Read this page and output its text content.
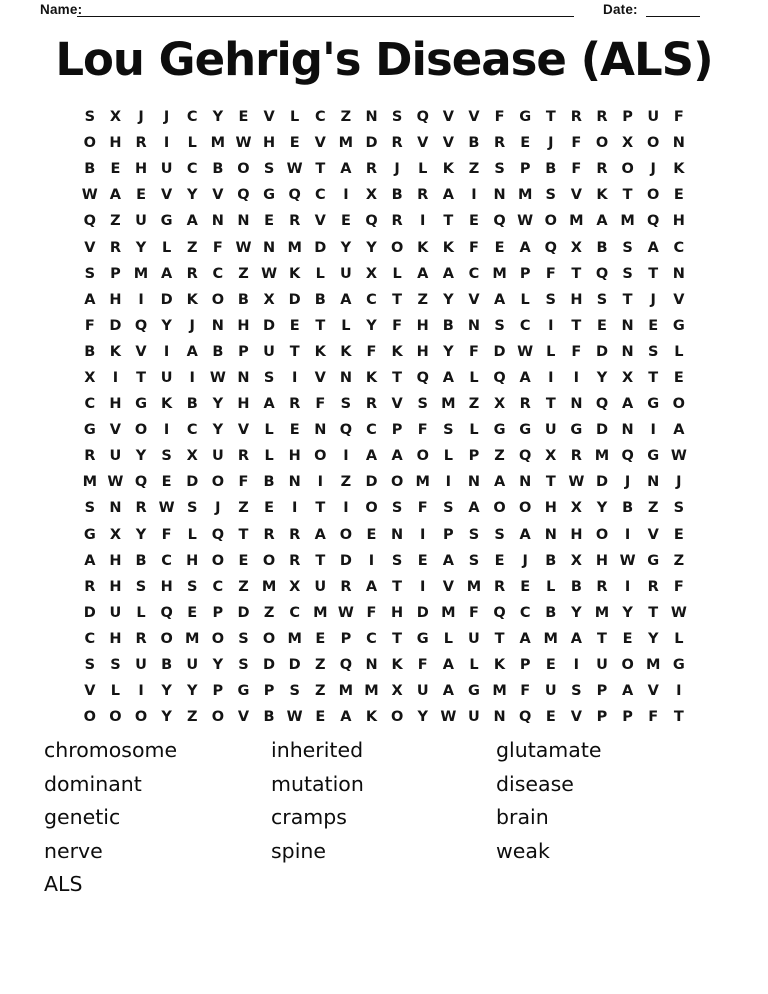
Name:	Date:
Lou Gehrig's Disease (ALS)
S	X	J	J	C	Y	E	V	L	C	Z N S Q V V	F	G	T	R R	P U	F
O H R	I	L M W H	E	V M D R V V B	R	E	J	F	O X O N
B	E	H U C	B O S W T	A R	J	L	K	Z	S	P	B	F	R O	J	K
W A	E	V	Y	V Q G Q C	I	X B	R A	I	N M S	V K	T	O E
Q Z U G A N N	E	R V	E	Q R	I	T	E	Q W O M A M Q H
V R	Y	L	Z	F W N M D Y	Y O K K	F	E	A Q X B	S	A	C
S	P M A R	C	Z W K	L	U X	L	A A	C M P	F	T	Q S	T	N
A H	I	D K O B X D B A	C	T	Z	Y	V A	L	S H S	T	J	V
F	D Q Y	J	N H D	E	T	L	Y	F	H B N S	C	I	T	E	N	E	G
B K V	I	A B	P U	T	K K	F	K H Y	F	D W L	F	D N S	L
X	I	T	U	I	W N S	I	V N K	T	Q A	L	Q A	I	I	Y	X	T	E
C H G K B	Y H A R	F	S	R V	S M Z	X R	T	N Q A G O
G V O	I	C	Y	V	L	E	N Q C	P	F	S	L	G G U G D N	I	A
R U Y	S	X U R	L	H O	I	A A O	L	P	Z Q X R M Q G W
M W Q E	D O F	B N	I	Z D O M	I	N A N	T W D	J	N	J
S N R W S	J	Z	E	I	T	I	O S	F	S	A O O H X	Y	B	Z	S
G X	Y	F	L	Q T	R R A O E	N	I	P	S	S	A N H O	I	V	E
A H B	C H O E	O R	T	D	I	S	E	A	S	E	J	B X H W G Z
R H S H S	C	Z M X U R A	T	I	V M R	E	L	B	R	I	R	F
D U	L	Q E	P D Z	C M W F	H D M F	Q C	B	Y M Y	T W
C H R O M O S O M E	P	C	T	G	L	U	T	A M A	T	E	Y	L
S	S U B U Y	S D D Z Q N K	F	A	L	K	P	E	I	U O M G
V	L	I	Y	Y	P G P	S	Z M M X U A G M F	U	S	P	A V	I
O O O Y	Z O V B W E	A K O Y W U N Q E	V	P	P	F	T
chromosome
dominant
genetic
nerve
ALS
inherited
mutation
cramps
spine
glutamate
disease
brain
weak
